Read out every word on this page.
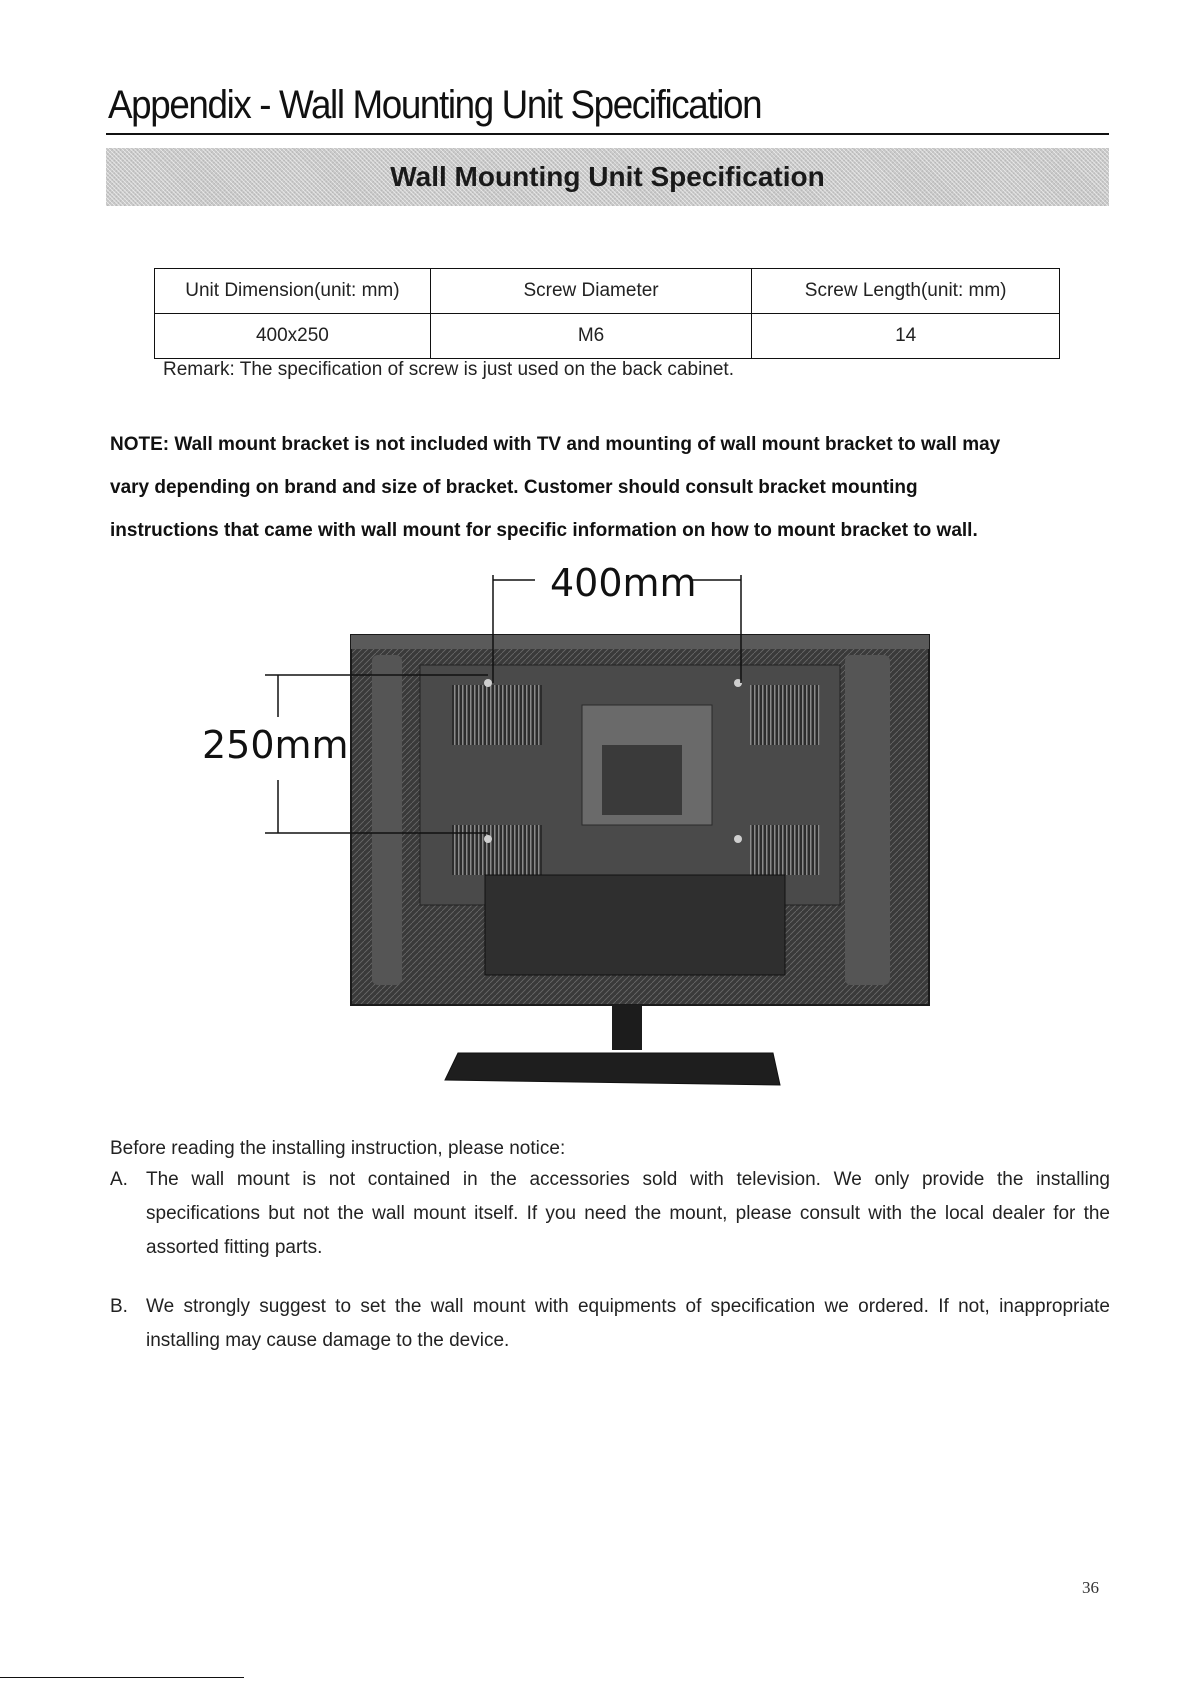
Appendix - Wall Mounting Unit Specification
Wall Mounting Unit Specification
Unit Dimension(unit: mm)	Screw Diameter	Screw Length(unit: mm)
400x250	M6	14
Remark: The specification of screw is just used on the back cabinet.
NOTE: Wall mount bracket is not included with TV and mounting of wall mount bracket to wall may
vary depending on brand and size of bracket. Customer should consult bracket mounting
instructions that came with wall mount for specific information on how to mount bracket to wall.
400mm
250mm
Before reading the installing instruction, please notice:
A. The wall mount is not contained in the accessories sold with television. We only provide the installing specifications but not the wall mount itself. If you need the mount, please consult with the local dealer for the assorted fitting parts.
B. We strongly suggest to set the wall mount with equipments of specification we ordered. If not, inappropriate installing may cause damage to the device.
36
